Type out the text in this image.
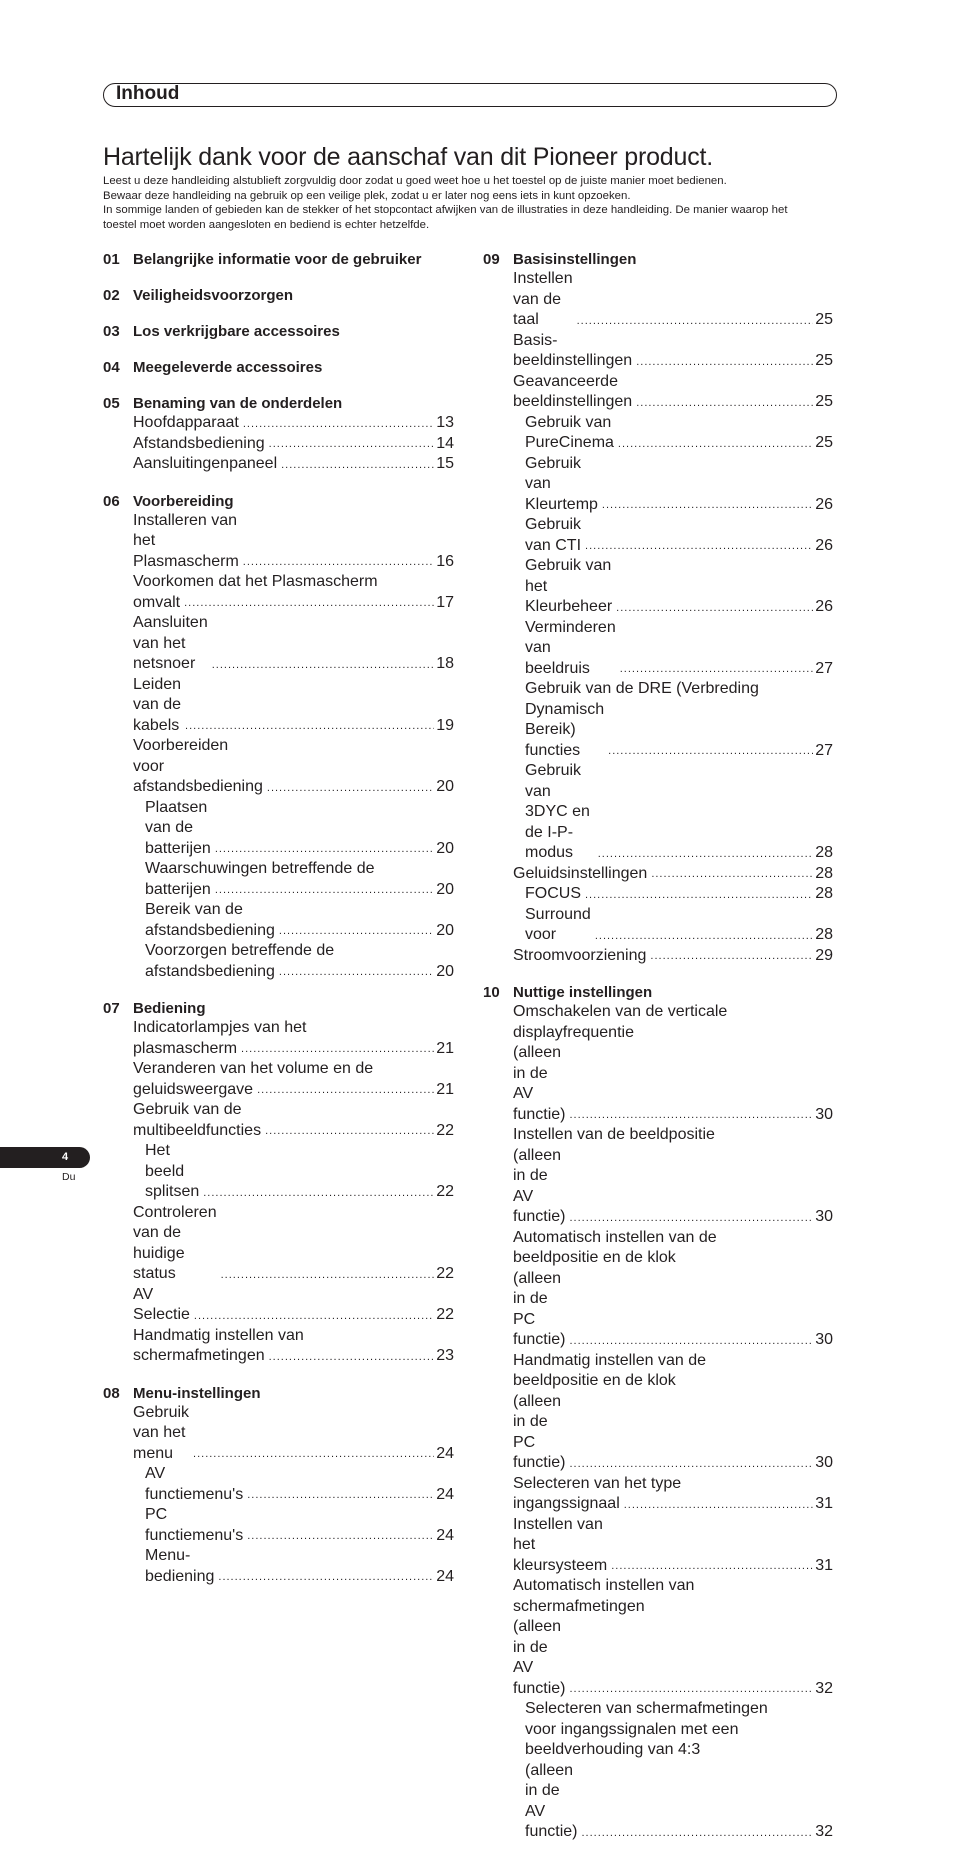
Inhoud
Hartelijk dank voor de aanschaf van dit Pioneer product.

Leest u deze handleiding alstublieft zorgvuldig door zodat u goed weet hoe u het toestel op de juiste manier moet bedienen.

Bewaar deze handleiding na gebruik op een veilige plek, zodat u er later nog eens iets in kunt opzoeken.

In sommige landen of gebieden kan de stekker of het stopcontact afwijken van de illustraties in deze handleiding. De manier waarop het toestel moet worden aangesloten en bediend is echter hetzelfde.

01 Belangrijke informatie voor de gebruiker
02 Veiligheidsvoorzorgen
03 Los verkrijgbare accessoires
04 Meegeleverde accessoires
05 Benaming van de onderdelen
Hoofdapparaat .....	13
Afstandsbediening .....	14
Aansluitingenpaneel .....	15
06 Voorbereiding
Installeren van het Plasmascherm .....	16
Voorkomen dat het Plasmascherm
omvalt .....	17
Aansluiten van het netsnoer .....	18
Leiden van de kabels .....	19
Voorbereiden voor afstandsbediening .....	20
Plaatsen van de batterijen .....	20
Waarschuwingen betreffende de
batterijen .....	20
Bereik van de afstandsbediening .....	20
Voorzorgen betreffende de
afstandsbediening .....	20
07 Bediening
Indicatorlampjes van het
plasmascherm .....	21
Veranderen van het volume en de
geluidsweergave .....	21
Gebruik van de multibeeldfuncties .....	22
Het beeld splitsen .....	22
Controleren van de huidige status .....	22
AV Selectie .....	22
Handmatig instellen van
schermafmetingen .....	23
08 Menu-instellingen
Gebruik van het menu .....	24
AV functiemenu's .....	24
PC functiemenu's .....	24
Menu-bediening .....	24
09 Basisinstellingen
Instellen van de taal .....	25
Basis-beeldinstellingen .....	25
Geavanceerde beeldinstellingen .....	25
Gebruik van PureCinema .....	25
Gebruik van Kleurtemp .....	26
Gebruik van CTI .....	26
Gebruik van het Kleurbeheer .....	26
Verminderen van beeldruis .....	27
Gebruik van de DRE (Verbreding
Dynamisch Bereik) functies .....	27
Gebruik van 3DYC en de I-P-modus .....	28
Geluidsinstellingen .....	28
FOCUS .....	28
Surround voor .....	28
Stroomvoorziening .....	29
10 Nuttige instellingen
Omschakelen van de verticale
displayfrequentie
(alleen in de AV functie) .....	30
Instellen van de beeldpositie
(alleen in de AV functie) .....	30
Automatisch instellen van de
beeldpositie en de klok
(alleen in de PC functie) .....	30
Handmatig instellen van de
beeldpositie en de klok
(alleen in de PC functie) .....	30
Selecteren van het type
ingangssignaal .....	31
Instellen van het kleursysteem .....	31
Automatisch instellen van
schermafmetingen
(alleen in de AV functie) .....	32
Selecteren van schermafmetingen
voor ingangssignalen met een
beeldverhouding van 4:3
(alleen in de AV functie) .....	32
4
Du
